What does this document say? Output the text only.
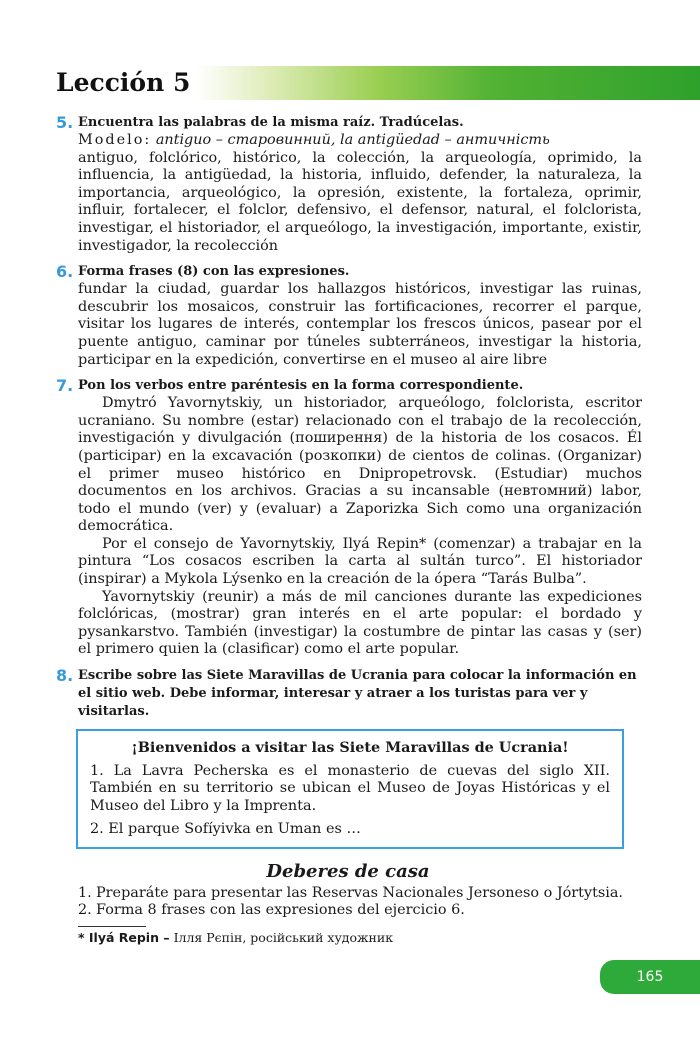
Lección 5
5. Encuentra las palabras de la misma raíz. Tradúcelas.

Modelo: antiguo – старовинний, la antigüedad – античність

antiguo, folclórico, histórico, la colección, la arqueología, oprimido, la influencia, la antigüedad, la historia, influido, defender, la naturaleza, la importancia, arqueológico, la opresión, existente, la fortaleza, oprimir, influir, fortalecer, el folclor, defensivo, el defensor, natural, el folclorista, investigar, el historiador, el arqueólogo, la investigación, importante, existir, investigador, la recolección

6. Forma frases (8) con las expresiones.

fundar la ciudad, guardar los hallazgos históricos, investigar las ruinas, descubrir los mosaicos, construir las fortificaciones, recorrer el parque, visitar los lugares de interés, contemplar los frescos únicos, pasear por el puente antiguo, caminar por túneles subterráneos, investigar la historia, participar en la expedición, convertirse en el museo al aire libre

7. Pon los verbos entre paréntesis en la forma correspondiente.

Dmytró Yavornytskiy, un historiador, arqueólogo, folclorista, escritor ucraniano. Su nombre (estar) relacionado con el trabajo de la recolección, investigación y divulgación (поширення) de la historia de los cosacos. Él (participar) en la excavación (розкопки) de cientos de colinas. (Organizar) el primer museo histórico en Dnipropetrovsk. (Estudiar) muchos documentos en los archivos. Gracias a su incansable (невтомний) labor, todo el mundo (ver) y (evaluar) a Zaporizka Sich como una organización democrática.

Por el consejo de Yavornytskiy, Ilyá Repin* (comenzar) a trabajar en la pintura “Los cosacos escriben la carta al sultán turco”. El historiador (inspirar) a Mykola Lýsenko en la creación de la ópera “Tarás Bulba”.

Yavornytskiy (reunir) a más de mil canciones durante las expediciones folclóricas, (mostrar) gran interés en el arte popular: el bordado y pysankarstvo. También (investigar) la costumbre de pintar las casas y (ser) el primero quien la (clasificar) como el arte popular.

8. Escribe sobre las Siete Maravillas de Ucrania para colocar la información en el sitio web. Debe informar, interesar y atraer a los turistas para ver y visitarlas.
¡Bienvenidos a visitar las Siete Maravillas de Ucrania!

1. La Lavra Pecherska es el monasterio de cuevas del siglo XII. También en su territorio se ubican el Museo de Joyas Históricas y el Museo del Libro y la Imprenta.

2. El parque Sofíyivka en Uman es …

Deberes de casa
1. Preparáte para presentar las Reservas Nacionales Jersoneso o Jórtytsia.
2. Forma 8 frases con las expresiones del ejercicio 6.
* Ilyá Repin – Ілля Рєпін, російський художник
165
